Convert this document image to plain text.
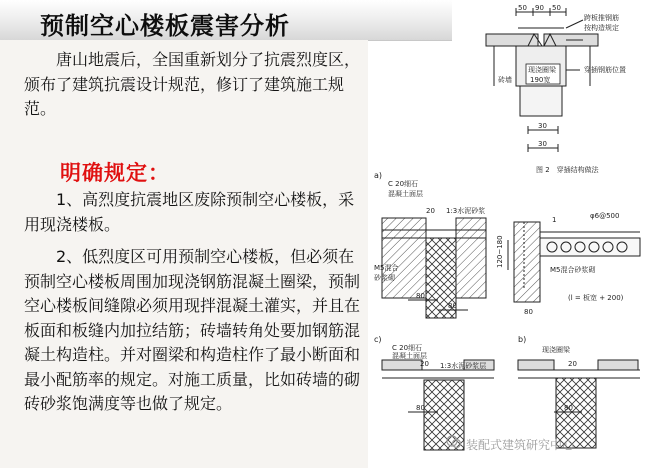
预制空心楼板震害分析

唐山地震后，全国重新划分了抗震烈度区，颁布了建筑抗震设计规范，修订了建筑施工规范。

明确规定：

1、高烈度抗震地区废除预制空心楼板，采用现浇楼板。

2、低烈度区可用预制空心楼板，但必须在预制空心楼板周围加现浇钢筋混凝土圈梁，预制空心楼板间缝隙必须用现拌混凝土灌实，并且在板面和板缝内加拉结筋；砖墙转角处要加钢筋混凝土构造柱。并对圈梁和构造柱作了最小断面和最小配筋率的规定。对施工质量，比如砖墙的砌砖砂浆饱满度等也做了规定。

50 90 50
跨板推钢筋
按构造规定
穿插钢筋位置
现浇圈梁
190宽
砖墙
30
30
图 2　穿插结构做法
a)
C 20细石
混凝土面层
20 1:3水泥砂浆
M5混合
砂浆砌
80
80
φ6@500
120~180
M5混合砂浆砌
(l = 板宽 + 200)
1
80
c)
C 20细石
混凝土面层
20 1:3水泥砂浆层
80
b)
现浇圈梁
20
80
装配式建筑研究中心
